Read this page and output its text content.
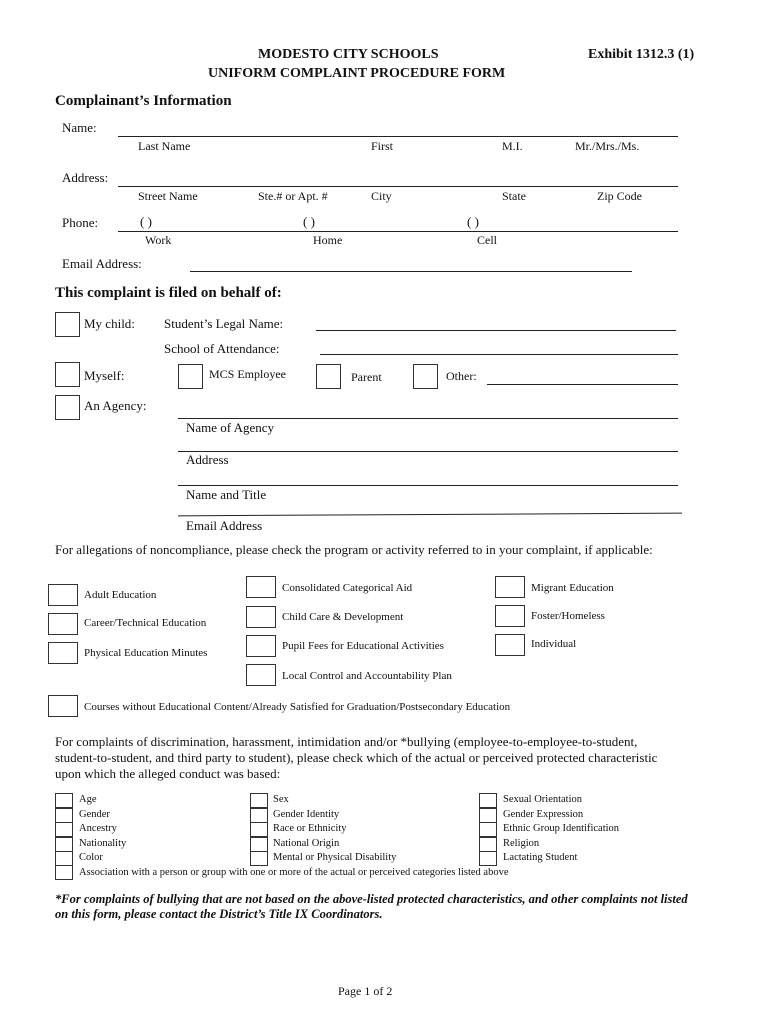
MODESTO CITY SCHOOLS	Exhibit 1312.3 (1)
UNIFORM COMPLAINT PROCEDURE FORM
Complainant’s Information
Name:
Last Name	First	M.I.	Mr./Mrs./Ms.
Address:
Street Name	Ste.# or Apt. #	City	State	Zip Code
Phone:	( )	( )	( )
Work	Home	Cell
Email Address:
This complaint is filed on behalf of:
My child: Student’s Legal Name:
School of Attendance:
Myself:	MCS Employee	Parent	Other:
An Agency:
Name of Agency
Address
Name and Title
Email Address
For allegations of noncompliance, please check the program or activity referred to in your complaint, if applicable:
Adult Education
Career/Technical Education
Physical Education Minutes
Consolidated Categorical Aid
Child Care & Development
Pupil Fees for Educational Activities
Local Control and Accountability Plan
Migrant Education
Foster/Homeless
Individual
Courses without Educational Content/Already Satisfied for Graduation/Postsecondary Education
For complaints of discrimination, harassment, intimidation and/or *bullying (employee-to-employee-to-student, student-to-student, and third party to student), please check which of the actual or perceived protected characteristic upon which the alleged conduct was based:
Age
Gender
Ancestry
Nationality
Color
Association with a person or group with one or more of the actual or perceived categories listed above
Sex
Gender Identity
Race or Ethnicity
National Origin
Mental or Physical Disability
Sexual Orientation
Gender Expression
Ethnic Group Identification
Religion
Lactating Student
*For complaints of bullying that are not based on the above-listed protected characteristics, and other complaints not listed on this form, please contact the District’s Title IX Coordinators.
Page 1 of 2
